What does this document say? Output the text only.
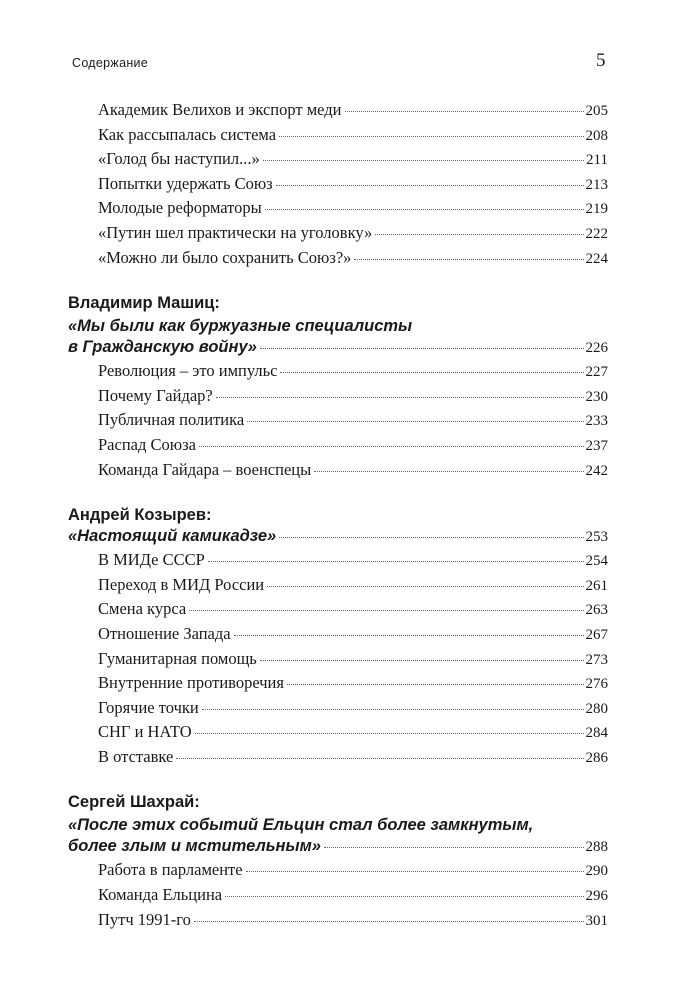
Содержание	5
Академик Велихов и экспорт меди	205
Как рассыпалась система	208
«Голод бы наступил...»	211
Попытки удержать Союз	213
Молодые реформаторы	219
«Путин шел практически на уголовку»	222
«Можно ли было сохранить Союз?»	224
Владимир Машиц:
«Мы были как буржуазные специалисты
в Гражданскую войну»	226
Революция – это импульс	227
Почему Гайдар?	230
Публичная политика	233
Распад Союза	237
Команда Гайдара – военспецы	242
Андрей Козырев:
«Настоящий камикадзе»	253
В МИДе СССР	254
Переход в МИД России	261
Смена курса	263
Отношение Запада	267
Гуманитарная помощь	273
Внутренние противоречия	276
Горячие точки	280
СНГ и НАТО	284
В отставке	286
Сергей Шахрай:
«После этих событий Ельцин стал более замкнутым,
более злым и мстительным»	288
Работа в парламенте	290
Команда Ельцина	296
Путч 1991-го	301
